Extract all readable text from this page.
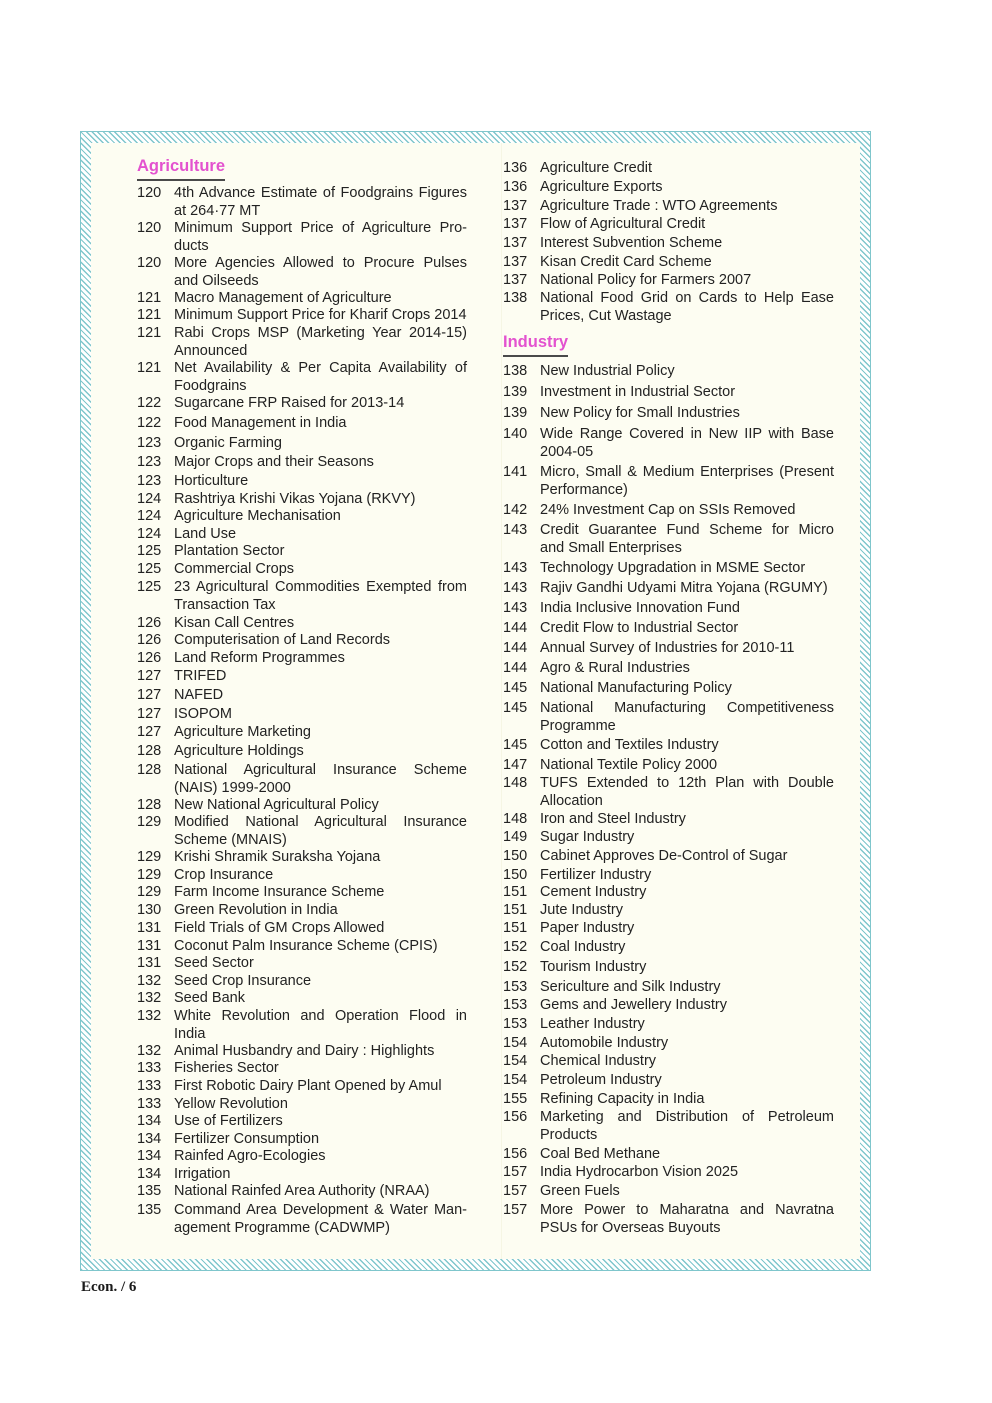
Agriculture
120 4th Advance Estimate of Foodgrains Figures at 264·77 MT
120 Minimum Support Price of Agriculture Pro-ducts
120 More Agencies Allowed to Procure Pulses and Oilseeds
121 Macro Management of Agriculture
121 Minimum Support Price for Kharif Crops 2014
121 Rabi Crops MSP (Marketing Year 2014-15) Announced
121 Net Availability & Per Capita Availability of Foodgrains
122 Sugarcane FRP Raised for 2013-14
122 Food Management in India
123 Organic Farming
123 Major Crops and their Seasons
123 Horticulture
124 Rashtriya Krishi Vikas Yojana (RKVY)
124 Agriculture Mechanisation
124 Land Use
125 Plantation Sector
125 Commercial Crops
125 23 Agricultural Commodities Exempted from Transaction Tax
126 Kisan Call Centres
126 Computerisation of Land Records
126 Land Reform Programmes
127 TRIFED
127 NAFED
127 ISOPOM
127 Agriculture Marketing
128 Agriculture Holdings
128 National Agricultural Insurance Scheme (NAIS) 1999-2000
128 New National Agricultural Policy
129 Modified National Agricultural Insurance Scheme (MNAIS)
129 Krishi Shramik Suraksha Yojana
129 Crop Insurance
129 Farm Income Insurance Scheme
130 Green Revolution in India
131 Field Trials of GM Crops Allowed
131 Coconut Palm Insurance Scheme (CPIS)
131 Seed Sector
132 Seed Crop Insurance
132 Seed Bank
132 White Revolution and Operation Flood in India
132 Animal Husbandry and Dairy : Highlights
133 Fisheries Sector
133 First Robotic Dairy Plant Opened by Amul
133 Yellow Revolution
134 Use of Fertilizers
134 Fertilizer Consumption
134 Rainfed Agro-Ecologies
134 Irrigation
135 National Rainfed Area Authority (NRAA)
135 Command Area Development & Water Man-agement Programme (CADWMP)
Industry
136 Agriculture Credit
136 Agriculture Exports
137 Agriculture Trade : WTO Agreements
137 Flow of Agricultural Credit
137 Interest Subvention Scheme
137 Kisan Credit Card Scheme
137 National Policy for Farmers 2007
138 National Food Grid on Cards to Help Ease Prices, Cut Wastage
138 New Industrial Policy
139 Investment in Industrial Sector
139 New Policy for Small Industries
140 Wide Range Covered in New IIP with Base 2004-05
141 Micro, Small & Medium Enterprises (Present Performance)
142 24% Investment Cap on SSIs Removed
143 Credit Guarantee Fund Scheme for Micro and Small Enterprises
143 Technology Upgradation in MSME Sector
143 Rajiv Gandhi Udyami Mitra Yojana (RGUMY)
143 India Inclusive Innovation Fund
144 Credit Flow to Industrial Sector
144 Annual Survey of Industries for 2010-11
144 Agro & Rural Industries
145 National Manufacturing Policy
145 National Manufacturing Competitiveness Programme
145 Cotton and Textiles Industry
147 National Textile Policy 2000
148 TUFS Extended to 12th Plan with Double Allocation
148 Iron and Steel Industry
149 Sugar Industry
150 Cabinet Approves De-Control of Sugar
150 Fertilizer Industry
151 Cement Industry
151 Jute Industry
151 Paper Industry
152 Coal Industry
152 Tourism Industry
153 Sericulture and Silk Industry
153 Gems and Jewellery Industry
153 Leather Industry
154 Automobile Industry
154 Chemical Industry
154 Petroleum Industry
155 Refining Capacity in India
156 Marketing and Distribution of Petroleum Products
156 Coal Bed Methane
157 India Hydrocarbon Vision 2025
157 Green Fuels
157 More Power to Maharatna and Navratna PSUs for Overseas Buyouts
Econ. / 6
